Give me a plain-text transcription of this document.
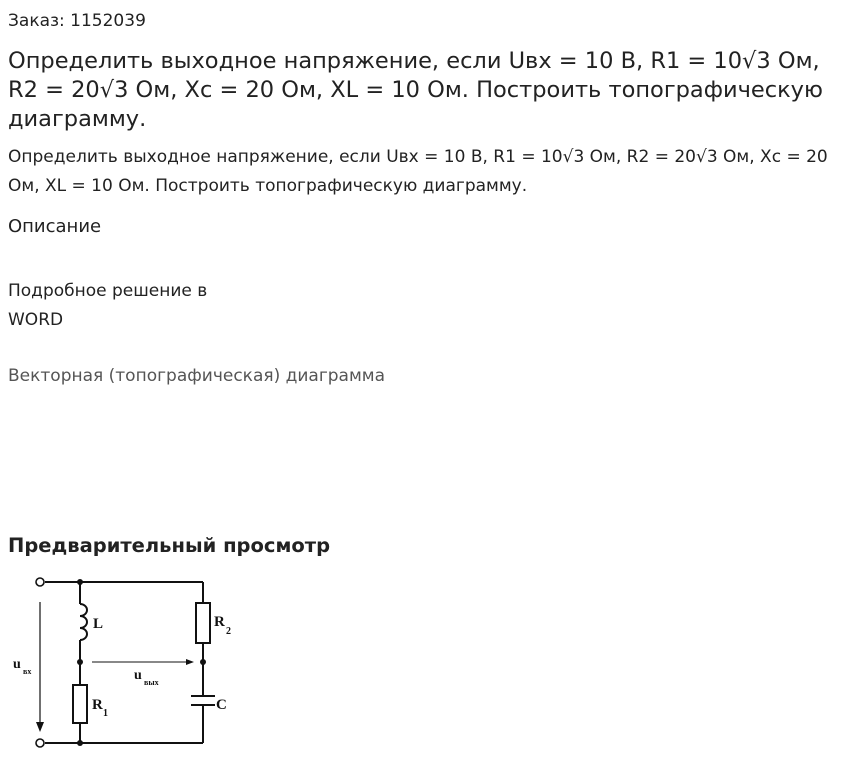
Заказ: 1152039
Определить выходное напряжение, если Uвх = 10 В, R1 = 10√3 Ом, R2 = 20√3 Ом, Xc = 20 Ом, XL = 10 Ом. Построить топографическую диаграмму.
Определить выходное напряжение, если Uвх = 10 В, R1 = 10√3 Ом, R2 = 20√3 Ом, Xc = 20 Ом, XL = 10 Ом. Построить топографическую диаграмму.
Описание
Подробное решение в WORD
Векторная (топографическая) диаграмма
Предварительный просмотр
L
R
1
R
2
C
u вх	u вых
